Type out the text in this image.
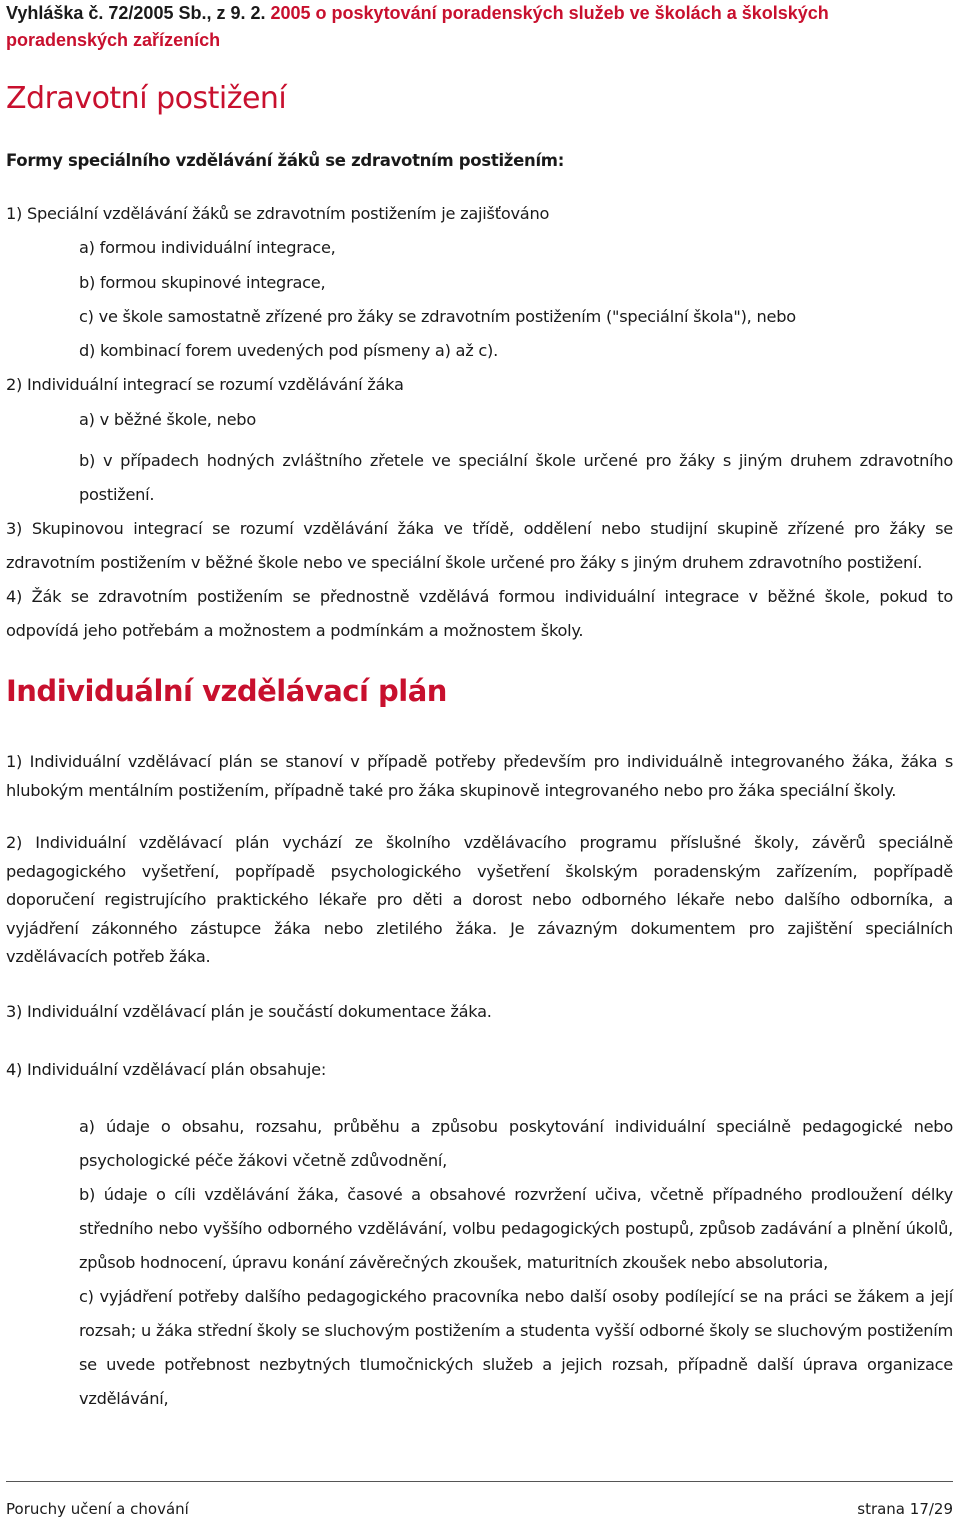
Vyhláška č. 72/2005 Sb., z 9. 2. 2005 o poskytování poradenských služeb ve školách a školských
poradenských zařízeních
Zdravotní postižení
Formy speciálního vzdělávání žáků se zdravotním postižením:
1) Speciální vzdělávání žáků se zdravotním postižením je zajišťováno
a) formou individuální integrace,
b) formou skupinové integrace,
c) ve škole samostatně zřízené pro žáky se zdravotním postižením ("speciální škola"), nebo
d) kombinací forem uvedených pod písmeny a) až c).
2) Individuální integrací se rozumí vzdělávání žáka
a) v běžné škole, nebo
b) v případech hodných zvláštního zřetele ve speciální škole určené pro žáky s jiným druhem zdravotního postižení.
3) Skupinovou integrací se rozumí vzdělávání žáka ve třídě, oddělení nebo studijní skupině zřízené pro žáky se zdravotním postižením v běžné škole nebo ve speciální škole určené pro žáky s jiným druhem zdravotního postižení.
4) Žák se zdravotním postižením se přednostně vzdělává formou individuální integrace v běžné škole, pokud to odpovídá jeho potřebám a možnostem a podmínkám a možnostem školy.
Individuální vzdělávací plán
1) Individuální vzdělávací plán se stanoví v případě potřeby především pro individuálně integrovaného žáka, žáka s hlubokým mentálním postižením, případně také pro žáka skupinově integrovaného nebo pro žáka speciální školy.
2) Individuální vzdělávací plán vychází ze školního vzdělávacího programu příslušné školy, závěrů speciálně pedagogického vyšetření, popřípadě psychologického vyšetření školským poradenským zařízením, popřípadě doporučení registrujícího praktického lékaře pro děti a dorost nebo odborného lékaře nebo dalšího odborníka, a vyjádření zákonného zástupce žáka nebo zletilého žáka. Je závazným dokumentem pro zajištění speciálních vzdělávacích potřeb žáka.
3) Individuální vzdělávací plán je součástí dokumentace žáka.
4) Individuální vzdělávací plán obsahuje:
a) údaje o obsahu, rozsahu, průběhu a způsobu poskytování individuální speciálně pedagogické nebo psychologické péče žákovi včetně zdůvodnění,
b) údaje o cíli vzdělávání žáka, časové a obsahové rozvržení učiva, včetně případného prodloužení délky středního nebo vyššího odborného vzdělávání, volbu pedagogických postupů, způsob zadávání a plnění úkolů, způsob hodnocení, úpravu konání závěrečných zkoušek, maturitních zkoušek nebo absolutoria,
c) vyjádření potřeby dalšího pedagogického pracovníka nebo další osoby podílející se na práci se žákem a její rozsah; u žáka střední školy se sluchovým postižením a studenta vyšší odborné školy se sluchovým postižením se uvede potřebnost nezbytných tlumočnických služeb a jejich rozsah, případně další úprava organizace vzdělávání,
Poruchy učení a chování	strana 17/29
